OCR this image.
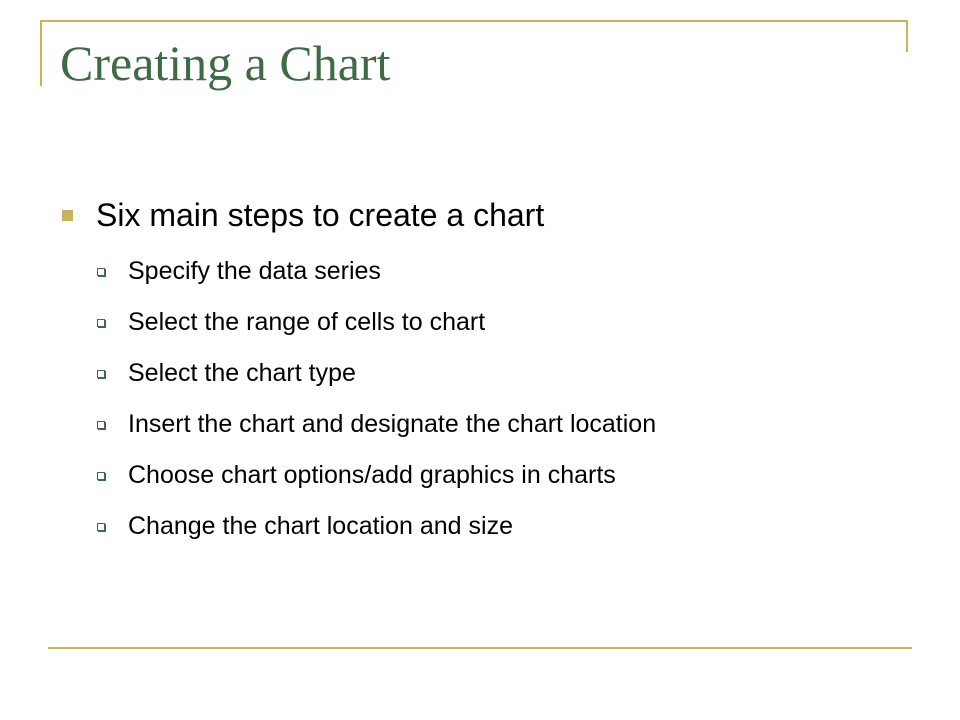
Creating a Chart
Six main steps to create a chart
Specify the data series
Select the range of cells to chart
Select the chart type
Insert the chart and designate the chart location
Choose chart options/add graphics in charts
Change the chart location and size
